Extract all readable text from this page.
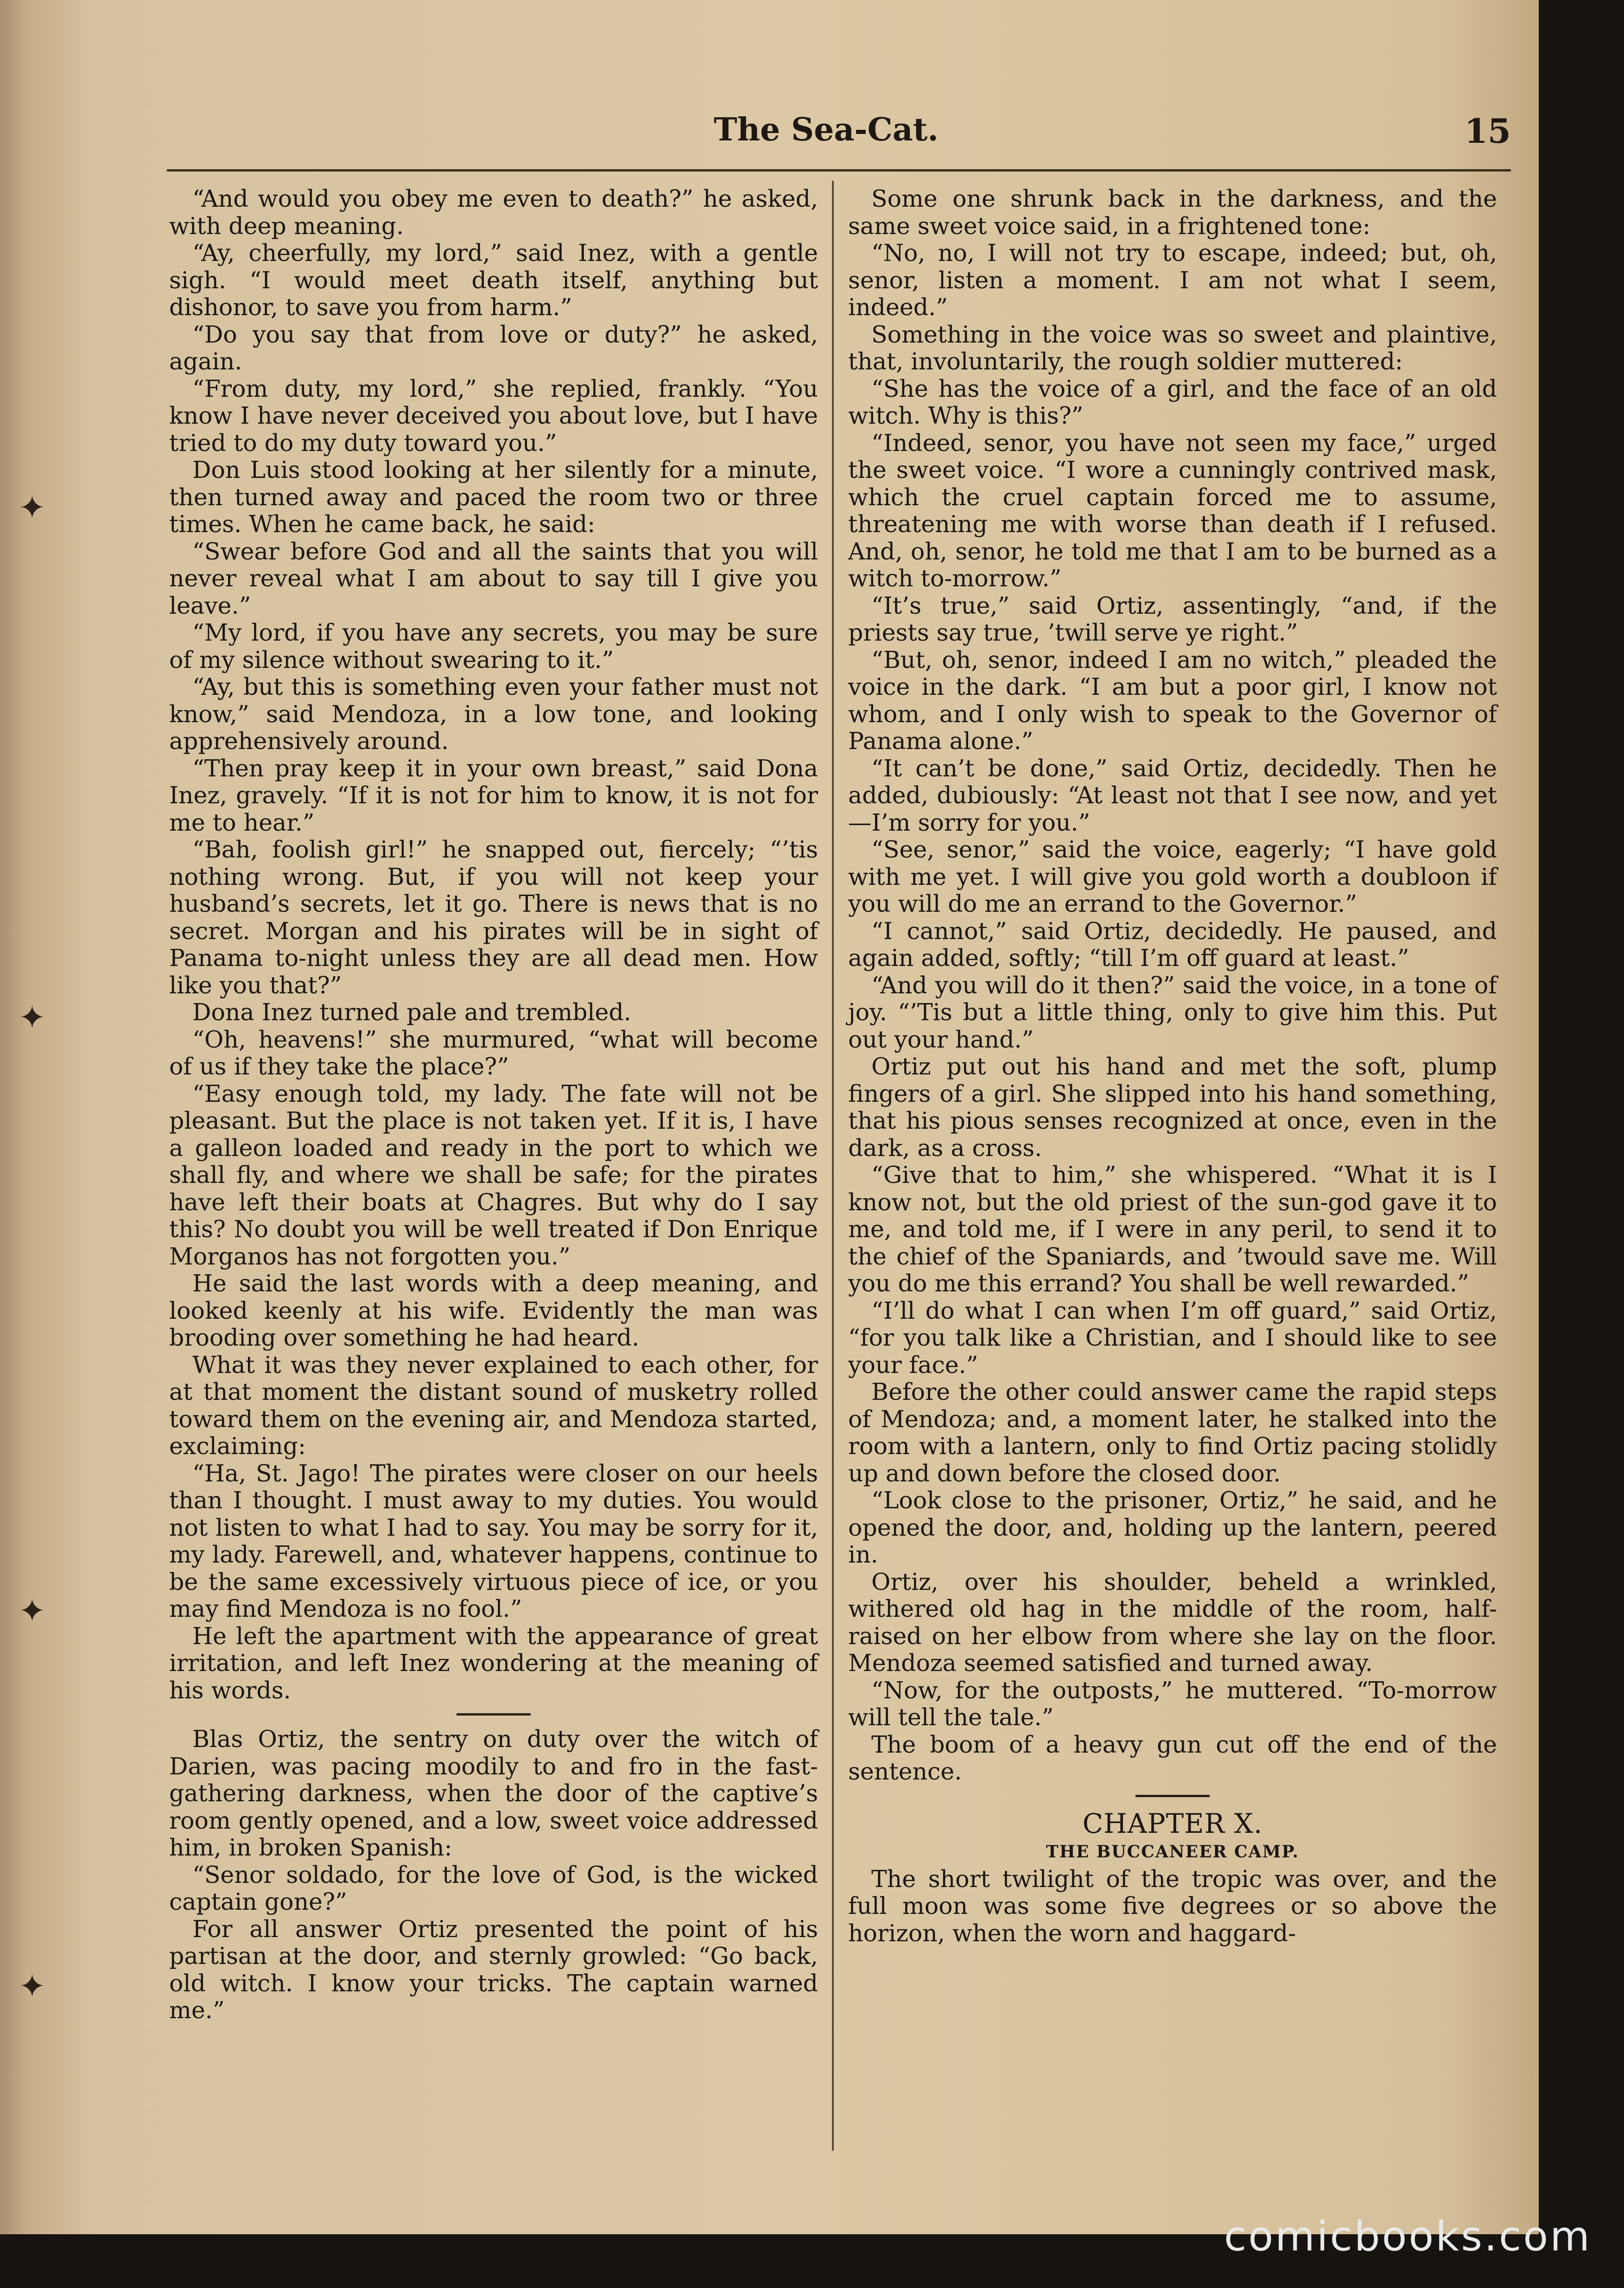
✦
✦
✦
✦
The Sea-Cat.	15

“And would you obey me even to death?” he asked, with deep meaning.

“Ay, cheerfully, my lord,” said Inez, with a gentle sigh. “I would meet death itself, anything but dishonor, to save you from harm.”

“Do you say that from love or duty?” he asked, again.

“From duty, my lord,” she replied, frankly. “You know I have never deceived you about love, but I have tried to do my duty toward you.”

Don Luis stood looking at her silently for a minute, then turned away and paced the room two or three times. When he came back, he said:

“Swear before God and all the saints that you will never reveal what I am about to say till I give you leave.”

“My lord, if you have any secrets, you may be sure of my silence without swearing to it.”

“Ay, but this is something even your father must not know,” said Mendoza, in a low tone, and looking apprehensively around.

“Then pray keep it in your own breast,” said Dona Inez, gravely. “If it is not for him to know, it is not for me to hear.”

“Bah, foolish girl!” he snapped out, fiercely; “’tis nothing wrong. But, if you will not keep your husband’s secrets, let it go. There is news that is no secret. Morgan and his pirates will be in sight of Panama to-night unless they are all dead men. How like you that?”

Dona Inez turned pale and trembled.

“Oh, heavens!” she murmured, “what will become of us if they take the place?”

“Easy enough told, my lady. The fate will not be pleasant. But the place is not taken yet. If it is, I have a galleon loaded and ready in the port to which we shall fly, and where we shall be safe; for the pirates have left their boats at Chagres. But why do I say this? No doubt you will be well treated if Don Enrique Morganos has not forgotten you.”

He said the last words with a deep meaning, and looked keenly at his wife. Evidently the man was brooding over something he had heard.

What it was they never explained to each other, for at that moment the distant sound of musketry rolled toward them on the evening air, and Mendoza started, exclaiming:

“Ha, St. Jago! The pirates were closer on our heels than I thought. I must away to my duties. You would not listen to what I had to say. You may be sorry for it, my lady. Farewell, and, whatever happens, continue to be the same excessively virtuous piece of ice, or you may find Mendoza is no fool.”

He left the apartment with the appearance of great irritation, and left Inez wondering at the meaning of his words.

Blas Ortiz, the sentry on duty over the witch of Darien, was pacing moodily to and fro in the fast-gathering darkness, when the door of the captive’s room gently opened, and a low, sweet voice addressed him, in broken Spanish:

“Senor soldado, for the love of God, is the wicked captain gone?”

For all answer Ortiz presented the point of his partisan at the door, and sternly growled: “Go back, old witch. I know your tricks. The captain warned me.”

Some one shrunk back in the darkness, and the same sweet voice said, in a frightened tone:

“No, no, I will not try to escape, indeed; but, oh, senor, listen a moment. I am not what I seem, indeed.”

Something in the voice was so sweet and plaintive, that, involuntarily, the rough soldier muttered:

“She has the voice of a girl, and the face of an old witch. Why is this?”

“Indeed, senor, you have not seen my face,” urged the sweet voice. “I wore a cunningly contrived mask, which the cruel captain forced me to assume, threatening me with worse than death if I refused. And, oh, senor, he told me that I am to be burned as a witch to-morrow.”

“It’s true,” said Ortiz, assentingly, “and, if the priests say true, ’twill serve ye right.”

“But, oh, senor, indeed I am no witch,” pleaded the voice in the dark. “I am but a poor girl, I know not whom, and I only wish to speak to the Governor of Panama alone.”

“It can’t be done,” said Ortiz, decidedly. Then he added, dubiously: “At least not that I see now, and yet—I’m sorry for you.”

“See, senor,” said the voice, eagerly; “I have gold with me yet. I will give you gold worth a doubloon if you will do me an errand to the Governor.”

“I cannot,” said Ortiz, decidedly. He paused, and again added, softly; “till I’m off guard at least.”

“And you will do it then?” said the voice, in a tone of joy. “’Tis but a little thing, only to give him this. Put out your hand.”

Ortiz put out his hand and met the soft, plump fingers of a girl. She slipped into his hand something, that his pious senses recognized at once, even in the dark, as a cross.

“Give that to him,” she whispered. “What it is I know not, but the old priest of the sun-god gave it to me, and told me, if I were in any peril, to send it to the chief of the Spaniards, and ’twould save me. Will you do me this errand? You shall be well rewarded.”

“I’ll do what I can when I’m off guard,” said Ortiz, “for you talk like a Christian, and I should like to see your face.”

Before the other could answer came the rapid steps of Mendoza; and, a moment later, he stalked into the room with a lantern, only to find Ortiz pacing stolidly up and down before the closed door.

“Look close to the prisoner, Ortiz,” he said, and he opened the door, and, holding up the lantern, peered in.

Ortiz, over his shoulder, beheld a wrinkled, withered old hag in the middle of the room, half-raised on her elbow from where she lay on the floor. Mendoza seemed satisfied and turned away.

“Now, for the outposts,” he muttered. “To-morrow will tell the tale.”

The boom of a heavy gun cut off the end of the sentence.

CHAPTER X.
THE BUCCANEER CAMP.

The short twilight of the tropic was over, and the full moon was some five degrees or so above the horizon, when the worn and haggard-

comicbooks.com
